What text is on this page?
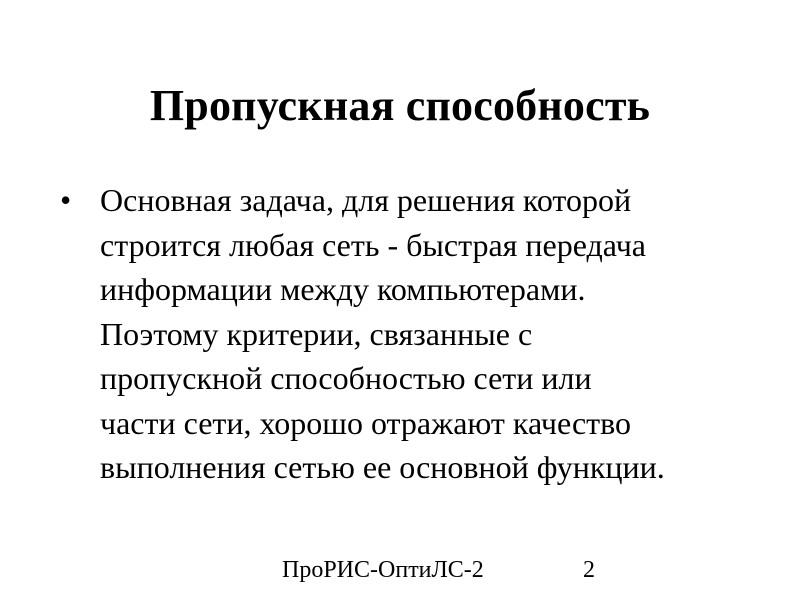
Пропускная способность
• Основная задача, для решения которой
строится любая сеть - быстрая передача
информации между компьютерами.
Поэтому критерии, связанные с
пропускной способностью сети или
части сети, хорошо отражают качество
выполнения сетью ее основной функции.
ПроРИС-ОптиЛС-2	2
